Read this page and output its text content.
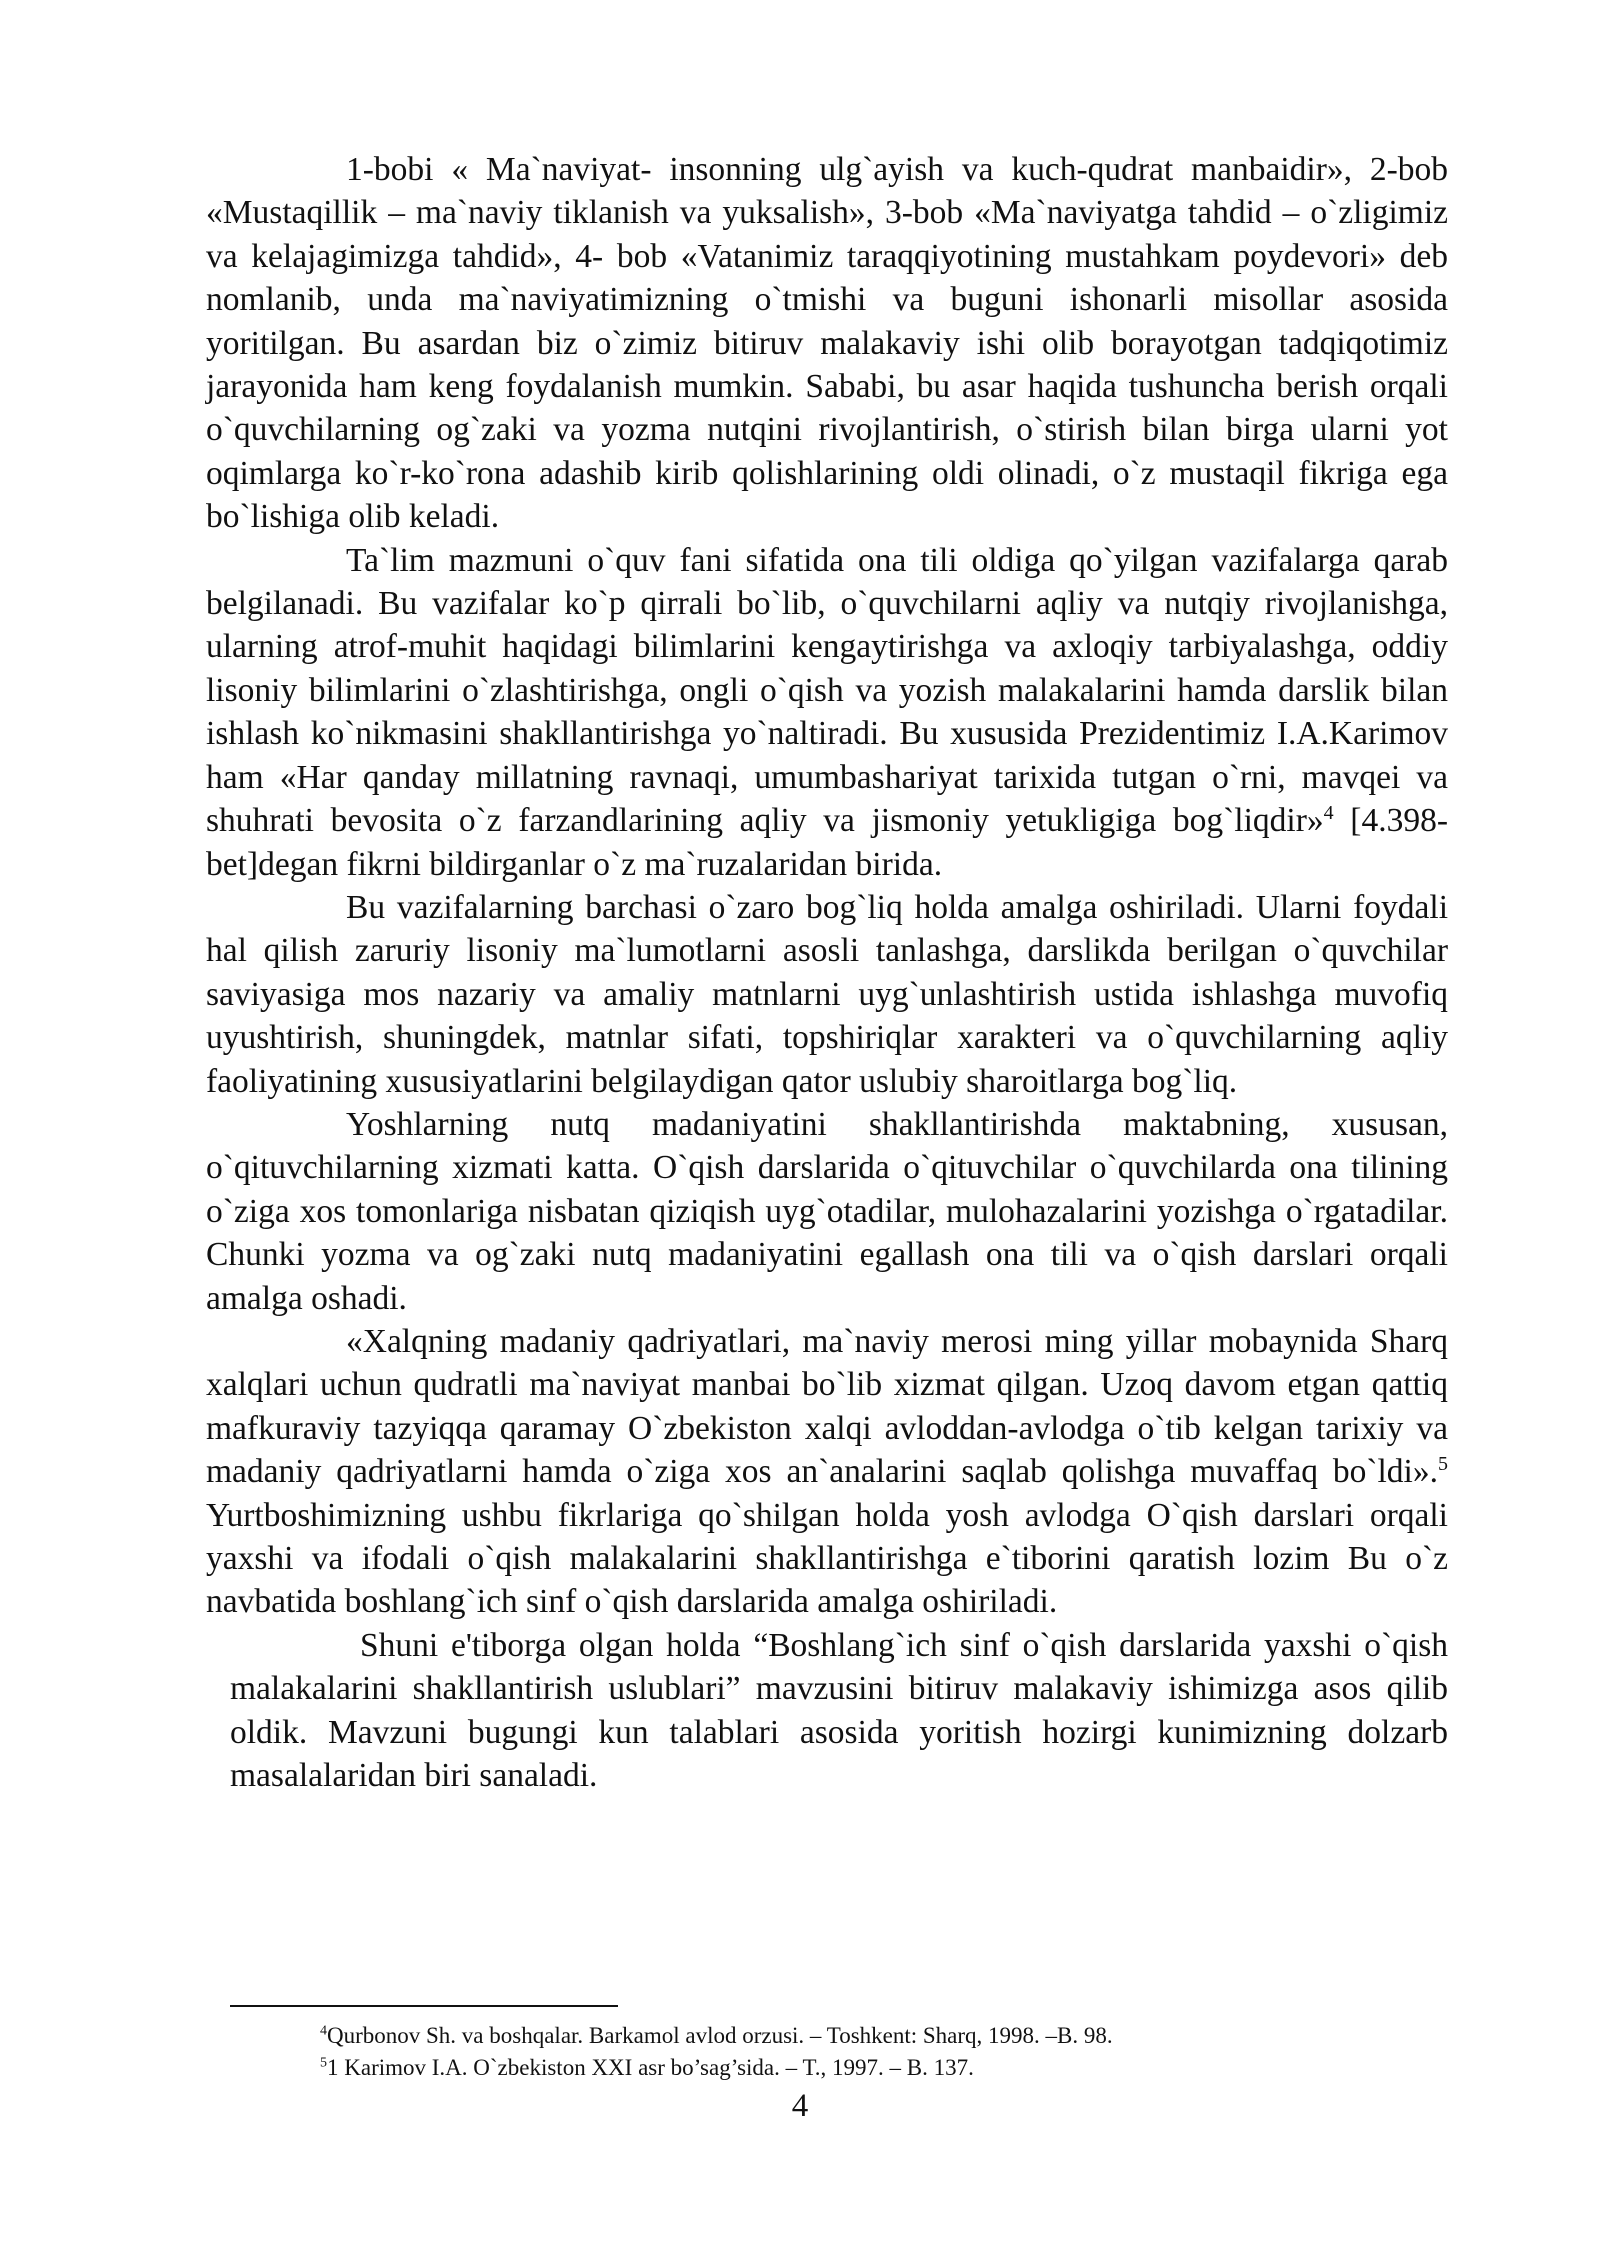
1-bobi « Ma`naviyat- insonning ulg`ayish va kuch-qudrat manbaidir», 2-bob «Mustaqillik – ma`naviy tiklanish va yuksalish», 3-bob «Ma`naviyatga tahdid – o`zligimiz va kelajagimizga tahdid», 4- bob «Vatanimiz taraqqiyotining mustahkam poydevori» deb nomlanib, unda ma`naviyatimizning o`tmishi va buguni ishonarli misollar asosida yoritilgan. Bu asardan biz o`zimiz bitiruv malakaviy ishi olib borayotgan tadqiqotimiz jarayonida ham keng foydalanish mumkin. Sababi, bu asar haqida tushuncha berish orqali o`quvchilarning og`zaki va yozma nutqini rivojlantirish, o`stirish bilan birga ularni yot oqimlarga ko`r-ko`rona adashib kirib qolishlarining oldi olinadi, o`z mustaqil fikriga ega bo`lishiga olib keladi.

Ta`lim mazmuni o`quv fani sifatida ona tili oldiga qo`yilgan vazifalarga qarab belgilanadi. Bu vazifalar ko`p qirrali bo`lib, o`quvchilarni aqliy va nutqiy rivojlanishga, ularning atrof-muhit haqidagi bilimlarini kengaytirishga va axloqiy tarbiyalashga, oddiy lisoniy bilimlarini o`zlashtirishga, ongli o`qish va yozish malakalarini hamda darslik bilan ishlash ko`nikmasini shakllantirishga yo`naltiradi. Bu xususida Prezidentimiz I.A.Karimov ham «Har qanday millatning ravnaqi, umumbashariyat tarixida tutgan o`rni, mavqei va shuhrati bevosita o`z farzandlarining aqliy va jismoniy yetukligiga bog`liqdir»$^4$ [4.398-bet]degan fikrni bildirganlar o`z ma`ruzalaridan birida.

Bu vazifalarning barchasi o`zaro bog`liq holda amalga oshiriladi. Ularni foydali hal qilish zaruriy lisoniy ma`lumotlarni asosli tanlashga, darslikda berilgan o`quvchilar saviyasiga mos nazariy va amaliy matnlarni uyg`unlashtirish ustida ishlashga muvofiq uyushtirish, shuningdek, matnlar sifati, topshiriqlar xarakteri va o`quvchilarning aqliy faoliyatining xususiyatlarini belgilaydigan qator uslubiy sharoitlarga bog`liq.

Yoshlarning nutq madaniyatini shakllantirishda maktabning, xususan, o`qituvchilarning xizmati katta. O`qish darslarida o`qituvchilar o`quvchilarda ona tilining o`ziga xos tomonlariga nisbatan qiziqish uyg`otadilar, mulohazalarini yozishga o`rgatadilar. Chunki yozma va og`zaki nutq madaniyatini egallash ona tili va o`qish darslari orqali amalga oshadi.

«Xalqning madaniy qadriyatlari, ma`naviy merosi ming yillar mobaynida Sharq xalqlari uchun qudratli ma`naviyat manbai bo`lib xizmat qilgan. Uzoq davom etgan qattiq mafkuraviy tazyiqqa qaramay O`zbekiston xalqi avloddan-avlodga o`tib kelgan tarixiy va madaniy qadriyatlarni hamda o`ziga xos an`analarini saqlab qolishga muvaffaq bo`ldi».$^5$ Yurtboshimizning ushbu fikrlariga qo`shilgan holda yosh avlodga O`qish darslari orqali yaxshi va ifodali o`qish malakalarini shakllantirishga e`tiborini qaratish lozim Bu o`z navbatida boshlang`ich sinf o`qish darslarida amalga oshiriladi.

Shuni e'tiborga olgan holda “Boshlang`ich sinf o`qish darslarida yaxshi o`qish malakalarini shakllantirish uslublari” mavzusini bitiruv malakaviy ishimizga asos qilib oldik. Mavzuni bugungi kun talablari asosida yoritish hozirgi kunimizning dolzarb masalalaridan biri sanaladi.

$^4$Qurbonov Sh. va boshqalar. Barkamol avlod orzusi. – Toshkent: Sharq, 1998. –B. 98.
$^5$1 Karimov I.A. O`zbekiston XXI asr bo’sag’sida. – T., 1997. – B. 137.
4
